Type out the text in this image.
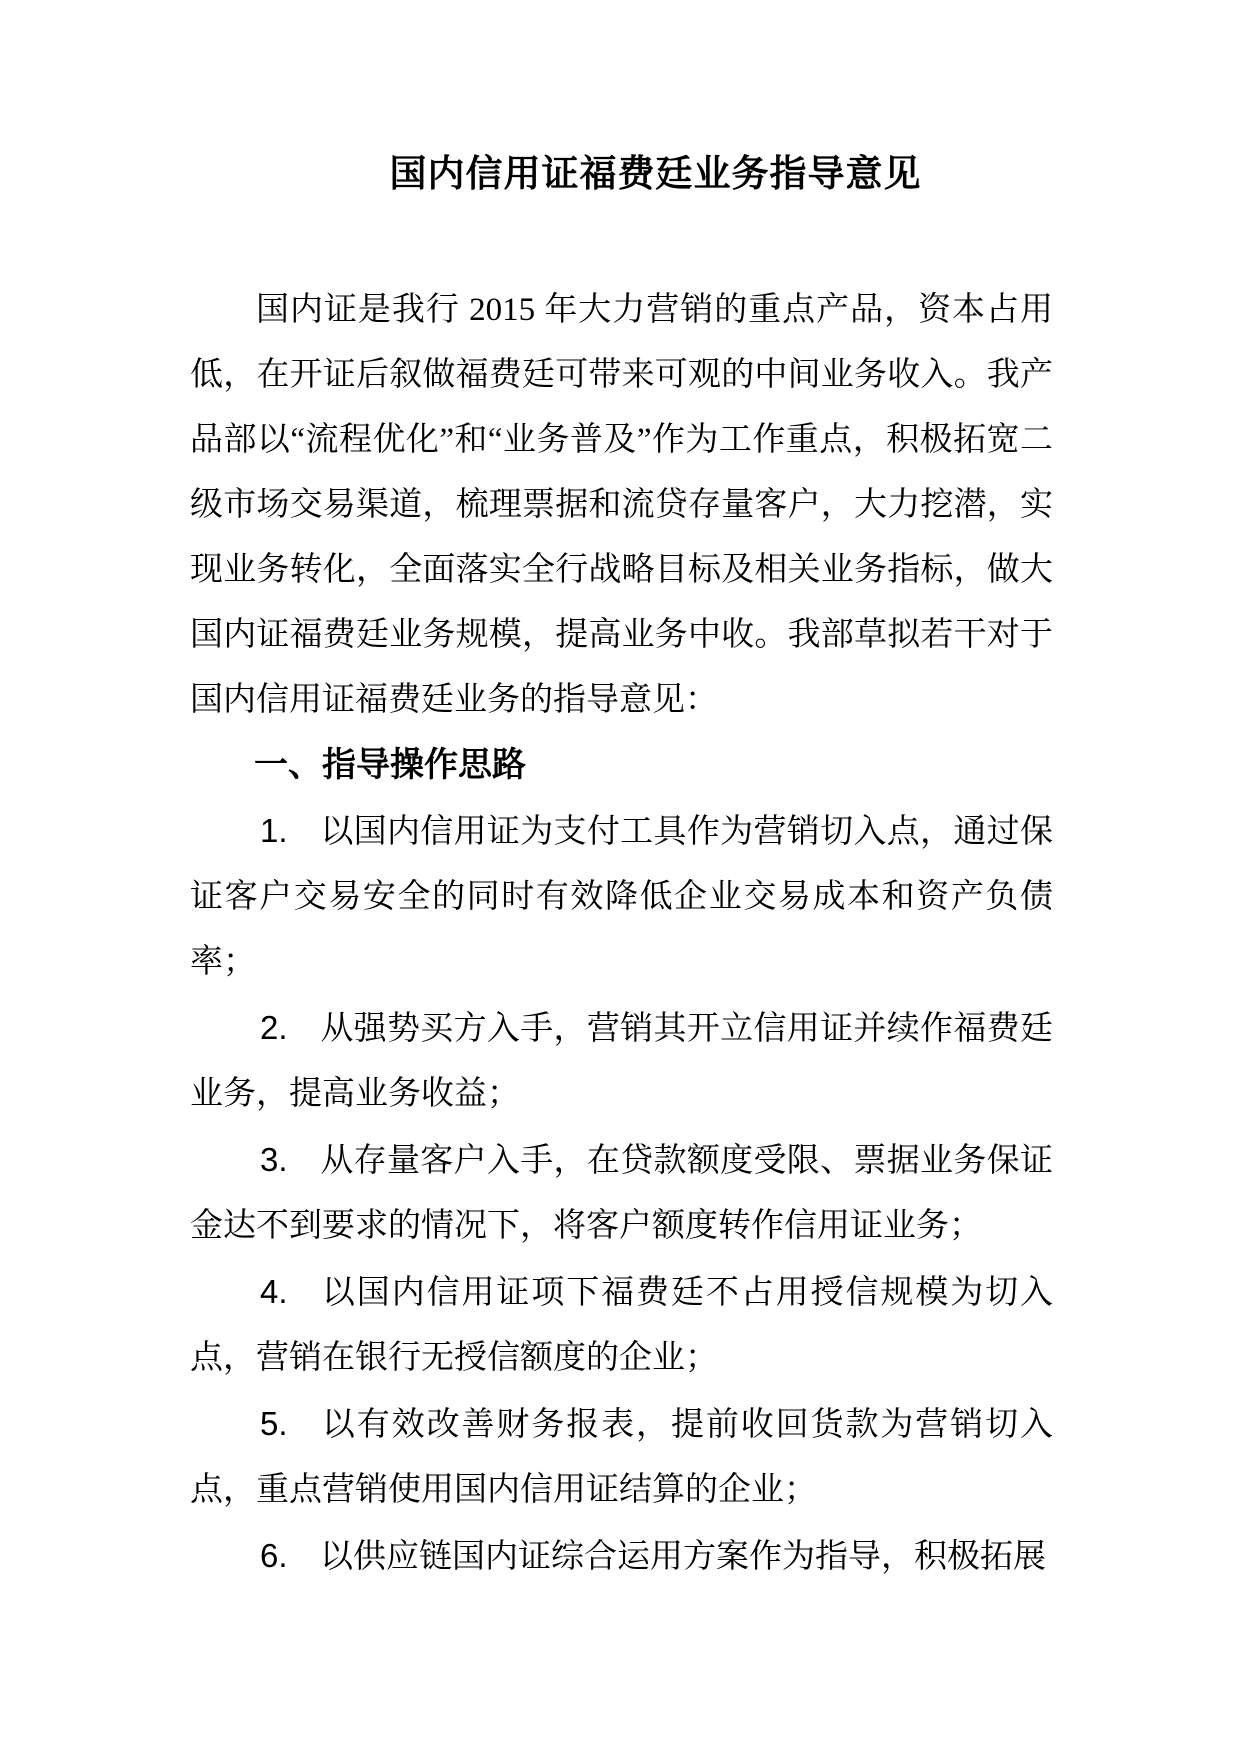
国内信用证福费廷业务指导意见

国内证是我行 2015 年大力营销的重点产品，资本占用低，在开证后叙做福费廷可带来可观的中间业务收入。我产品部以“流程优化”和“业务普及”作为工作重点，积极拓宽二级市场交易渠道，梳理票据和流贷存量客户，大力挖潜，实现业务转化，全面落实全行战略目标及相关业务指标，做大国内证福费廷业务规模，提高业务中收。我部草拟若干对于国内信用证福费廷业务的指导意见：

一、指导操作思路

1. 以国内信用证为支付工具作为营销切入点，通过保证客户交易安全的同时有效降低企业交易成本和资产负债率；

2. 从强势买方入手，营销其开立信用证并续作福费廷业务，提高业务收益；

3. 从存量客户入手，在贷款额度受限、票据业务保证金达不到要求的情况下，将客户额度转作信用证业务；

4. 以国内信用证项下福费廷不占用授信规模为切入点，营销在银行无授信额度的企业；

5. 以有效改善财务报表，提前收回货款为营销切入点，重点营销使用国内信用证结算的企业；

6. 以供应链国内证综合运用方案作为指导，积极拓展
